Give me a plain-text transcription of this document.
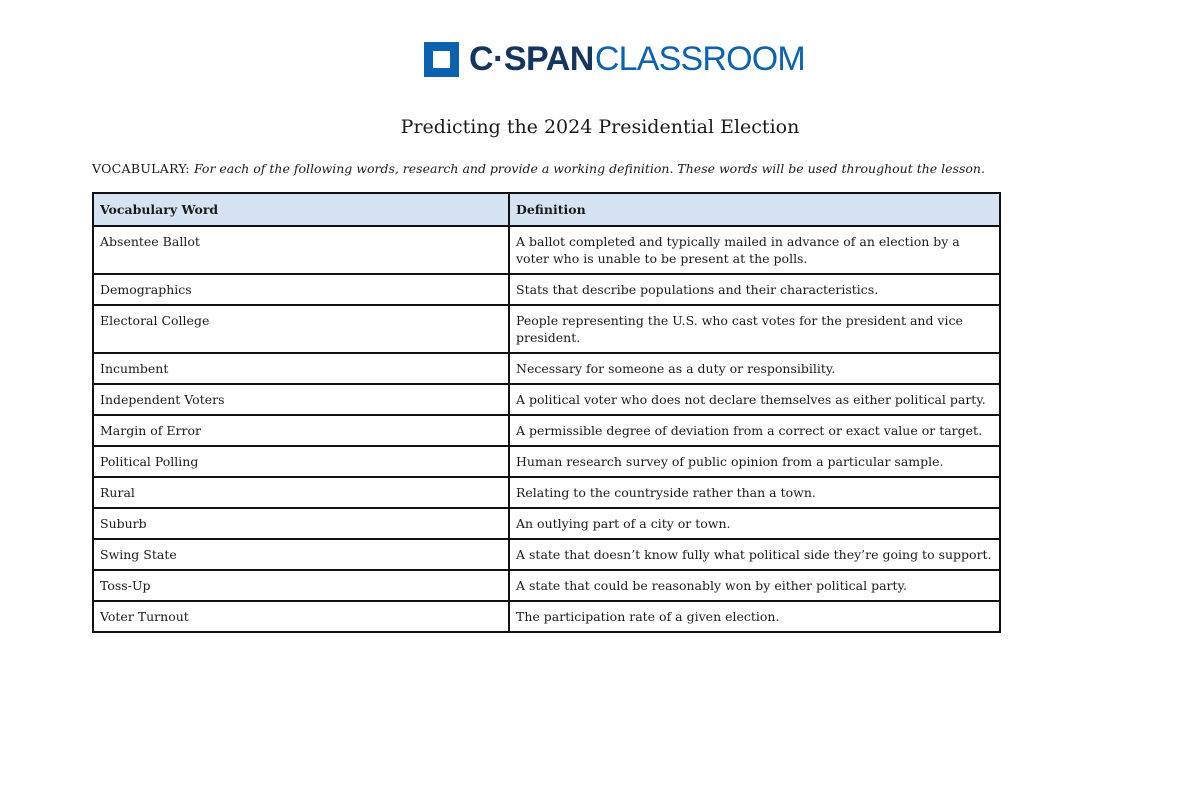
C·SPAN CLASSROOM
Predicting the 2024 Presidential Election
VOCABULARY: For each of the following words, research and provide a working definition. These words will be used throughout the lesson.
Vocabulary Word	Definition
Absentee Ballot	A ballot completed and typically mailed in advance of an election by a voter who is unable to be present at the polls.
Demographics	Stats that describe populations and their characteristics.
Electoral College	People representing the U.S. who cast votes for the president and vice president.
Incumbent	Necessary for someone as a duty or responsibility.
Independent Voters	A political voter who does not declare themselves as either political party.
Margin of Error	A permissible degree of deviation from a correct or exact value or target.
Political Polling	Human research survey of public opinion from a particular sample.
Rural	Relating to the countryside rather than a town.
Suburb	An outlying part of a city or town.
Swing State	A state that doesn’t know fully what political side they’re going to support.
Toss-Up	A state that could be reasonably won by either political party.
Voter Turnout	The participation rate of a given election.
